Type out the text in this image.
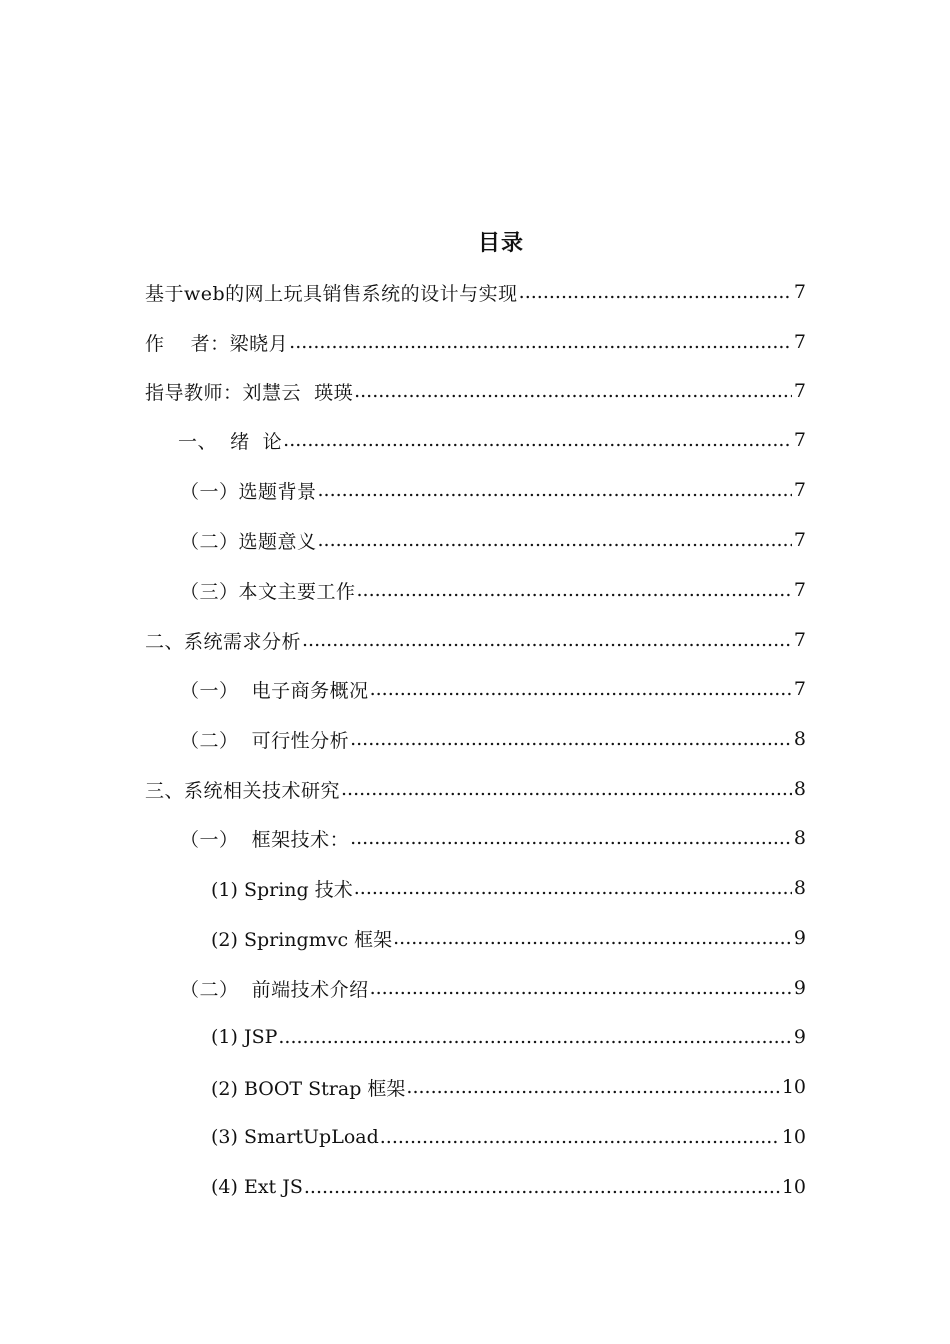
目录
基于web的网上玩具销售系统的设计与实现 .....	7
作    者：梁晓月 .....	7
指导教师：刘慧云  瑛瑛 .....	7
一、  绪  论 .....	7
（一）选题背景 .....	7
（二）选题意义 .....	7
（三）本文主要工作 .....	7
二、系统需求分析 .....	7
（一）  电子商务概况 .....	7
（二）  可行性分析 .....	8
三、系统相关技术研究 .....	8
（一）  框架技术： .....	8
(1) Spring 技术 .....	8
(2) Springmvc 框架 .....	9
（二）  前端技术介绍 .....	9
(1) JSP .....	9
(2) BOOT Strap 框架 .....	10
(3) SmartUpLoad .....	10
(4) Ext JS .....	10
